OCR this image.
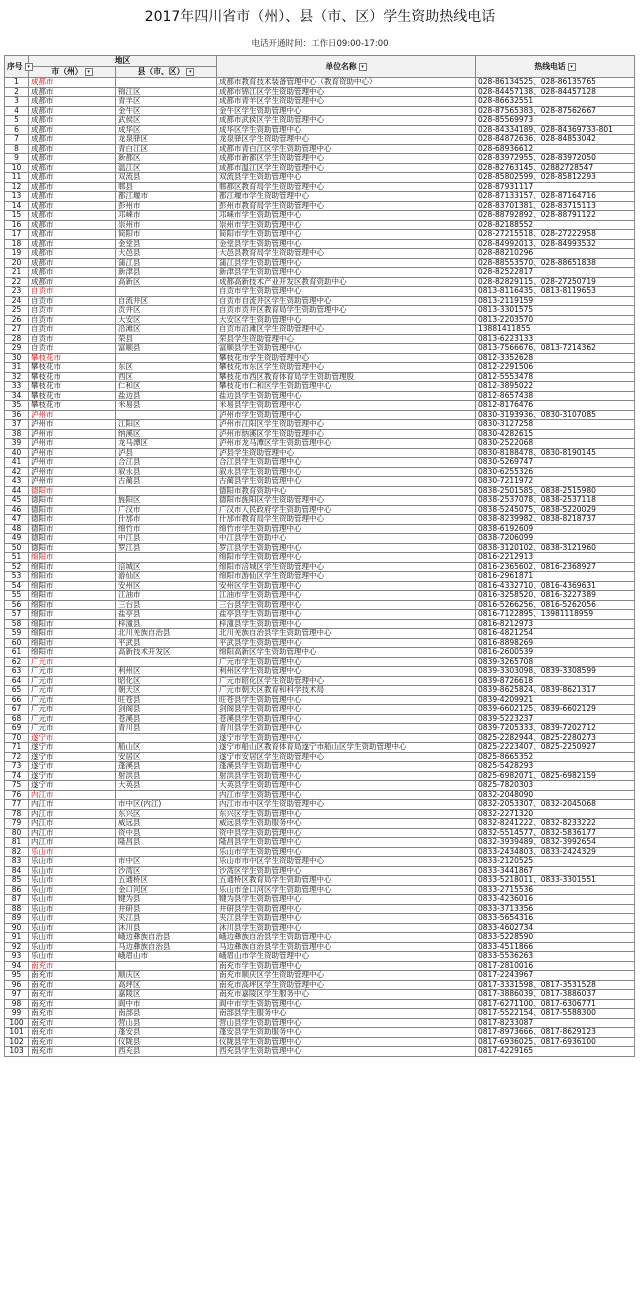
2017年四川省市（州）、县（市、区）学生资助热线电话
电话开通时间：工作日09:00-17:00
序号 ▾	地区		单位名称 ▾	热线电话 ▾
	市（州） ▾	县（市、区） ▾		
1	成都市		成都市教育技术装备管理中心（教育资助中心）	028-86134525、028-86135765
2	成都市	锦江区	成都市锦江区学生资助管理中心	028-84457138、028-84457128
3	成都市	青羊区	成都市青羊区学生资助管理中心	028-86632551
4	成都市	金牛区	金牛区学生资助管理中心	028-87565383、028-87562667
5	成都市	武侯区	成都市武侯区学生资助管理中心	028-85569973
6	成都市	成华区	成华区学生资助管理中心	028-84334189、028-84369733-801
7	成都市	龙泉驿区	龙泉驿区学生资助管理中心	028-84872636、028-84853042
8	成都市	青白江区	成都市青白江区学生资助管理中心	028-68936612
9	成都市	新都区	成都市新都区学生资助管理中心	028-83972955、028-83972050
10	成都市	温江区	成都市温江区学生资助管理中心	028-82763145、02882728547
11	成都市	双流县	双流县学生资助管理中心	028-85802599、028-85812293
12	成都市	郫县	郫都区教育局学生资助管理中心	028-87931117
13	成都市	都江堰市	都江堰市学生资助管理中心	028-87133157、028-87164716
14	成都市	彭州市	彭州市教育局学生资助管理中心	028-83701381、028-83715113
15	成都市	邛崃市	邛崃市学生资助管理中心	028-88792892、028-88791122
16	成都市	崇州市	崇州市学生资助管理中心	028-82188552
17	成都市	简阳市	简阳市学生资助管理中心	028-27215518、028-27222958
18	成都市	金堂县	金堂县学生资助管理中心	028-84992013、028-84993532
19	成都市	大邑县	大邑县教育局学生资助管理中心	028-88210296
20	成都市	蒲江县	蒲江县学生资助管理中心	028-88553570、028-88651838
21	成都市	新津县	新津县学生资助管理中心	028-82522817
22	成都市	高新区	成都高新技术产业开发区教育资助中心	028-82829115、028-27250719
23	自贡市		自贡市学生资助管理中心	0813-8116435、0813-8119653
24	自贡市	自流井区	自贡市自流井区学生资助管理中心	0813-2119159
25	自贡市	贡井区	自贡市贡井区教育局学生资助管理中心	0813-3301575
26	自贡市	大安区	大安区学生资助管理中心	0813-2203570
27	自贡市	沿滩区	自贡市沿滩区学生资助管理中心	13881411855
28	自贡市	荣县	荣县学生资助管理中心	0813-6223133
29	自贡市	富顺县	富顺县学生资助管理中心	0813-7566676、0813-7214362
30	攀枝花市		攀枝花市学生资助管理中心	0812-3352628
31	攀枝花市	东区	攀枝花市东区学生资助管理中心	0812-2291506
32	攀枝花市	西区	攀枝花市西区教育体育局学生资助管理股	0812-5553478
33	攀枝花市	仁和区	攀枝花市仁和区学生资助管理中心	0812-3895022
34	攀枝花市	盐边县	盐边县学生资助管理中心	0812-8657438
35	攀枝花市	米易县	米易县学生资助管理中心	0812-8176476
36	泸州市		泸州市学生资助管理中心	0830-3193936、0830-3107085
37	泸州市	江阳区	泸州市江阳区学生资助管理中心	0830-3127258
38	泸州市	纳溪区	泸州市纳溪区学生资助管理中心	0830-4282615
39	泸州市	龙马潭区	泸州市龙马潭区学生资助管理中心	0830-2522068
40	泸州市	泸县	泸县学生资助管理中心	0830-8188478、0830-8190145
41	泸州市	合江县	合江县学生资助管理中心	0830-5269747
42	泸州市	叙永县	叙永县学生资助管理中心	0830-6255326
43	泸州市	古蔺县	古蔺县学生资助管理中心	0830-7211972
44	德阳市		德阳市教育资助中心	0838-2501585、0838-2515980
45	德阳市	旌阳区	德阳市旌阳区学生资助管理中心	0838-2537078、0838-2537118
46	德阳市	广汉市	广汉市人民政府学生资助管理中心	0838-5245075、0838-5220029
47	德阳市	什邡市	什邡市教育局学生资助管理中心	0838-8239982、0838-8218737
48	德阳市	绵竹市	绵竹市学生资助管理中心	0838-6192609
49	德阳市	中江县	中江县学生资助中心	0838-7206099
50	德阳市	罗江县	罗江县学生资助管理中心	0838-3120102、0838-3121960
51	绵阳市		绵阳市学生资助管理中心	0816-2212913
52	绵阳市	涪城区	绵阳市涪城区学生资助管理中心	0816-2365602、0816-2368927
53	绵阳市	游仙区	绵阳市游仙区学生资助管理中心	0816-2961871
54	绵阳市	安州区	安州区学生资助管理中心	0816-4332710、0816-4369631
55	绵阳市	江油市	江油市学生资助管理中心	0816-3258520、0816-3227389
56	绵阳市	三台县	三台县学生资助管理中心	0816-5266256、0816-5262056
57	绵阳市	盐亭县	盐亭县学生资助管理中心	0816-7122895、13981118959
58	绵阳市	梓潼县	梓潼县学生资助管理中心	0816-8212973
59	绵阳市	北川羌族自治县	北川羌族自治县学生资助管理中心	0816-4821254
60	绵阳市	平武县	平武县学生资助管理中心	0816-8898269
61	绵阳市	高新技术开发区	绵阳高新区学生资助管理中心	0816-2600539
62	广元市		广元市学生资助管理中心	0839-3265708
63	广元市	利州区	利州区学生资助管理中心	0839-3303098、0839-3308599
64	广元市	昭化区	广元市昭化区学生资助管理中心	0839-8726618
65	广元市	朝天区	广元市朝天区教育和科学技术局	0839-8625824、0839-8621317
66	广元市	旺苍县	旺苍县学生资助管理中心	0839-4209921
67	广元市	剑阁县	剑阁县学生资助管理中心	0839-6602125、0839-6602129
68	广元市	苍溪县	苍溪县学生资助管理中心	0839-5223237
69	广元市	青川县	青川县学生资助管理中心	0839-7205333、0839-7202712
70	遂宁市		遂宁市学生资助管理中心	0825-2282944、0825-2280273
71	遂宁市	船山区	遂宁市船山区教育体育局遂宁市船山区学生资助管理中心	0825-2223407、0825-2250927
72	遂宁市	安居区	遂宁市安居区学生资助管理中心	0825-8665352
73	遂宁市	蓬溪县	蓬溪县学生资助管理中心	0825-5428293
74	遂宁市	射洪县	射洪县学生资助管理中心	0825-6982071、0825-6982159
75	遂宁市	大英县	大英县学生资助管理中心	0825-7820303
76	内江市		内江市学生资助管理中心	0832-2048090
77	内江市	市中区(内江)	内江市市中区学生资助管理中心	0832-2053307、0832-2045068
78	内江市	东兴区	东兴区学生资助管理中心	0832-2271320
79	内江市	威远县	威远县学生资助服务中心	0832-8241222、0832-8233222
80	内江市	资中县	资中县学生资助管理中心	0832-5514577、0832-5836177
81	内江市	隆昌县	隆昌县学生资助管理中心	0832-3939489、0832-3992654
82	乐山市		乐山市学生资助管理中心	0833-2434803、0833-2424329
83	乐山市	市中区	乐山市市中区学生资助管理中心	0833-2120525
84	乐山市	沙湾区	沙湾区学生资助管理中心	0833-3441867
85	乐山市	五通桥区	五通桥区教育局学生资助管理中心	0833-5218011、0833-3301551
86	乐山市	金口河区	乐山市金口河区学生资助管理中心	0833-2715536
87	乐山市	犍为县	犍为县学生资助管理中心	0833-4236016
88	乐山市	井研县	井研县学生资助管理中心	0833-3713356
89	乐山市	夹江县	夹江县学生资助管理中心	0833-5654316
90	乐山市	沐川县	沐川县学生资助管理中心	0833-4602734
91	乐山市	峨边彝族自治县	峨边彝族自治县学生资助管理中心	0833-5228590
92	乐山市	马边彝族自治县	马边彝族自治县学生资助管理中心	0833-4511866
93	乐山市	峨眉山市	峨眉山市学生资助管理中心	0833-5536263
94	南充市		南充市学生资助管理中心	0817-2810016
95	南充市	顺庆区	南充市顺庆区学生资助管理中心	0817-2243967
96	南充市	高坪区	南充市高坪区学生资助管理中心	0817-3331598、0817-3531528
97	南充市	嘉陵区	南充市嘉陵区学生服务中心	0817-3886039、0817-3886037
98	南充市	阆中市	阆中市学生资助管理中心	0817-6271100、0817-6306771
99	南充市	南部县	南部县学生服务中心	0817-5522154、0817-5588300
100	南充市	营山县	营山县学生资助管理中心	0817-8233087
101	南充市	蓬安县	蓬安县学生资助服务中心	0817-8973666、0817-8629123
102	南充市	仪陇县	仪陇县学生资助管理中心	0817-6936025、0817-6936100
103	南充市	西充县	西充县学生资助管理中心	0817-4229165
